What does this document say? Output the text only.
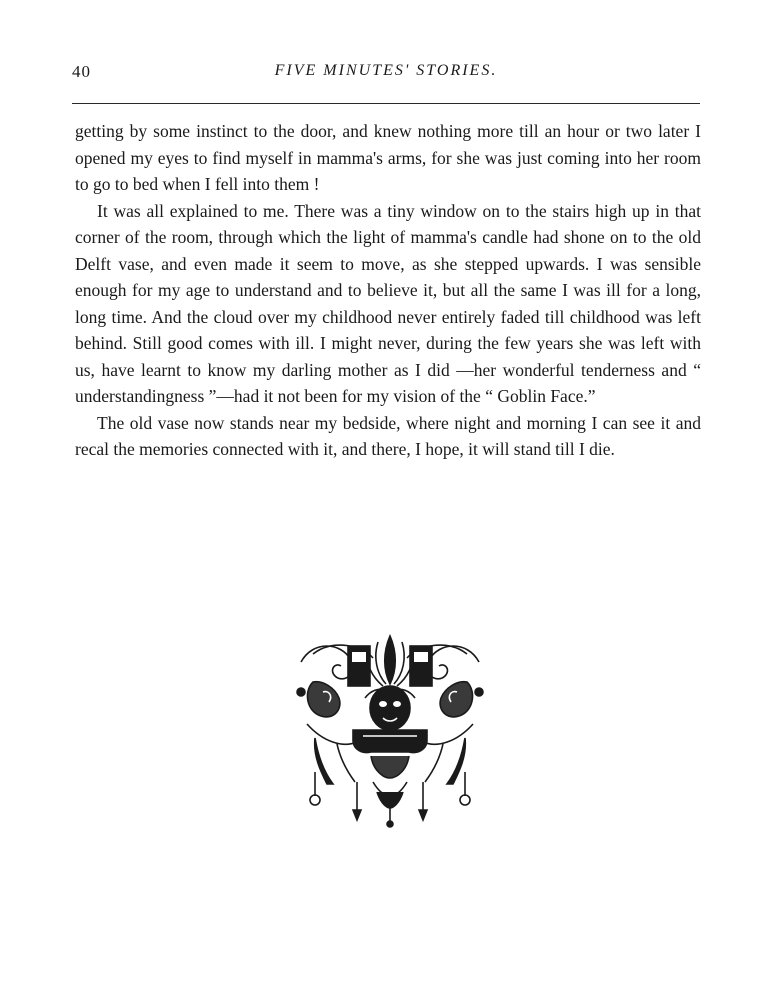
40	FIVE MINUTES' STORIES.

getting by some instinct to the door, and knew nothing more till an hour or two later I opened my eyes to find myself in mamma's arms, for she was just coming into her room to go to bed when I fell into them !

It was all explained to me. There was a tiny window on to the stairs high up in that corner of the room, through which the light of mamma's candle had shone on to the old Delft vase, and even made it seem to move, as she stepped upwards. I was sensible enough for my age to understand and to believe it, but all the same I was ill for a long, long time. And the cloud over my childhood never entirely faded till childhood was left behind. Still good comes with ill. I might never, during the few years she was left with us, have learnt to know my darling mother as I did —her wonderful tenderness and “ understandingness ”—had it not been for my vision of the “ Goblin Face.”

The old vase now stands near my bedside, where night and morning I can see it and recal the memories connected with it, and there, I hope, it will stand till I die.
